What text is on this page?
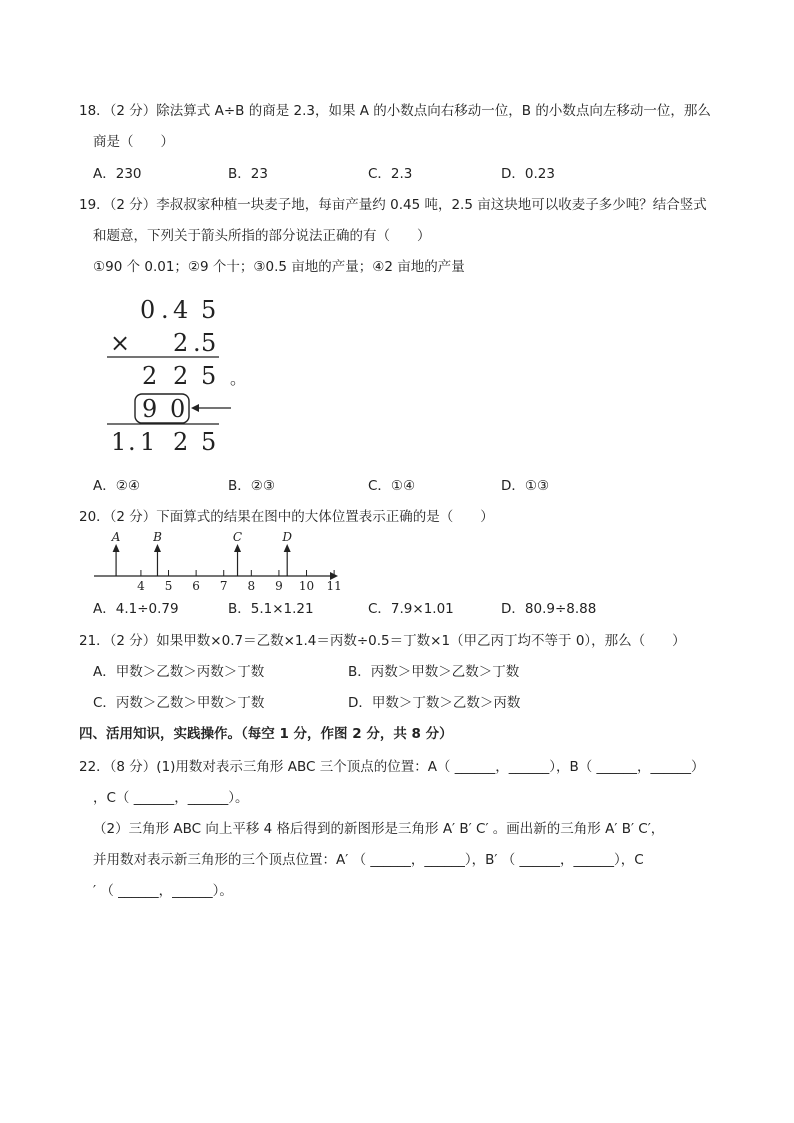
18．（2 分）除法算式 A÷B 的商是 2.3，如果 A 的小数点向右移动一位，B 的小数点向左移动一位，那么
商是（　　）
A．230	B．23	C．2.3	D．0.23
19．（2 分）李叔叔家种植一块麦子地，每亩产量约 0.45 吨，2.5 亩这块地可以收麦子多少吨？结合竖式
和题意，下列关于箭头所指的部分说法正确的有（　　）
①90 个 0.01；②9 个十；③0.5 亩地的产量；④2 亩地的产量
0 . 4 5
× 2 . 5
2 2 5 。
9 0
1 . 1 2 5
A．②④	B．②③	C．①④	D．①③
20．（2 分）下面算式的结果在图中的大体位置表示正确的是（　　）
4 5 6 7 8 9 10 11
A	B	C	D
A．4.1÷0.79	B．5.1×1.21	C．7.9×1.01	D．80.9÷8.88
21．（2 分）如果甲数×0.7＝乙数×1.4＝丙数÷0.5＝丁数×1（甲乙丙丁均不等于 0），那么（　　）
A．甲数＞乙数＞丙数＞丁数	B．丙数＞甲数＞乙数＞丁数
C．丙数＞乙数＞甲数＞丁数	D．甲数＞丁数＞乙数＞丙数
四、活用知识，实践操作。（每空 1 分，作图 2 分，共 8 分）
22．（8 分）(1)用数对表示三角形 ABC 三个顶点的位置：A（ ______，______），B（ ______，______）
，C（ ______，______）。
（2）三角形 ABC 向上平移 4 格后得到的新图形是三角形 A′ B′ C′ 。画出新的三角形 A′ B′ C′，
并用数对表示新三角形的三个顶点位置：A′ （ ______，______），B′ （ ______，______），C
′ （ ______，______）。
